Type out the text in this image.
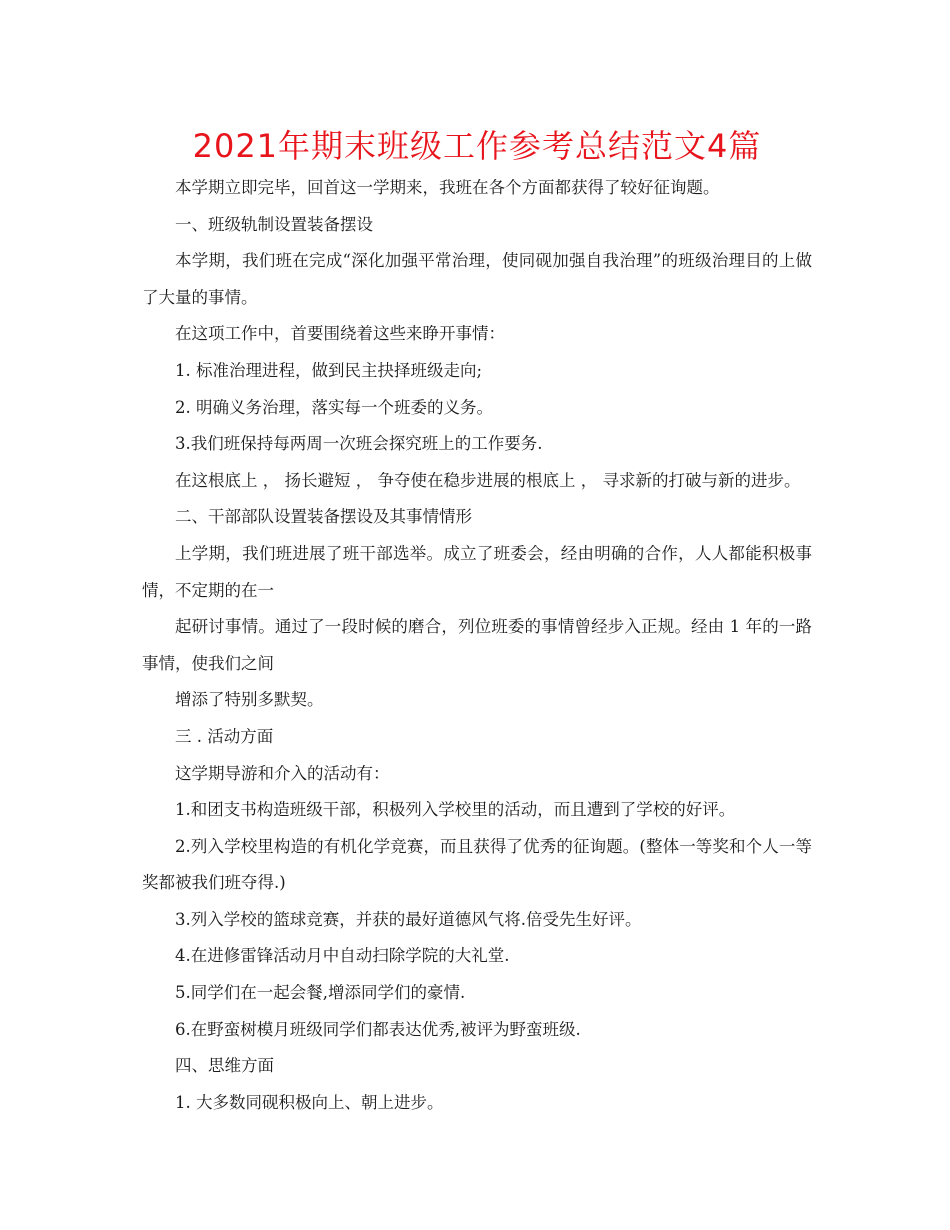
2021年期末班级工作参考总结范文4篇

本学期立即完毕，回首这一学期来，我班在各个方面都获得了较好征询题。

一、班级轨制设置装备摆设

本学期，我们班在完成“深化加强平常治理，使同砚加强自我治理”的班级治理目的上做了大量的事情。

在这项工作中，首要围绕着这些来睁开事情：

1. 标准治理进程，做到民主抉择班级走向;

2. 明确义务治理，落实每一个班委的义务。

3.我们班保持每两周一次班会探究班上的工作要务.

在这根底上 ， 扬长避短 ， 争夺使在稳步进展的根底上 ， 寻求新的打破与新的进步。

二、干部部队设置装备摆设及其事情情形

上学期，我们班进展了班干部选举。成立了班委会，经由明确的合作，人人都能积极事情，不定期的在一

起研讨事情。通过了一段时候的磨合，列位班委的事情曾经步入正规。经由 1 年的一路事情，使我们之间

增添了特别多默契。

三 . 活动方面

这学期导游和介入的活动有：

1.和团支书构造班级干部，积极列入学校里的活动，而且遭到了学校的好评。

2.列入学校里构造的有机化学竞赛，而且获得了优秀的征询题。(整体一等奖和个人一等奖都被我们班夺得.)

3.列入学校的篮球竞赛，并获的最好道德风气将.倍受先生好评。

4.在进修雷锋活动月中自动扫除学院的大礼堂.

5.同学们在一起会餐,增添同学们的豪情.

6.在野蛮树模月班级同学们都表达优秀,被评为野蛮班级.

四、思维方面

1. 大多数同砚积极向上、朝上进步。
